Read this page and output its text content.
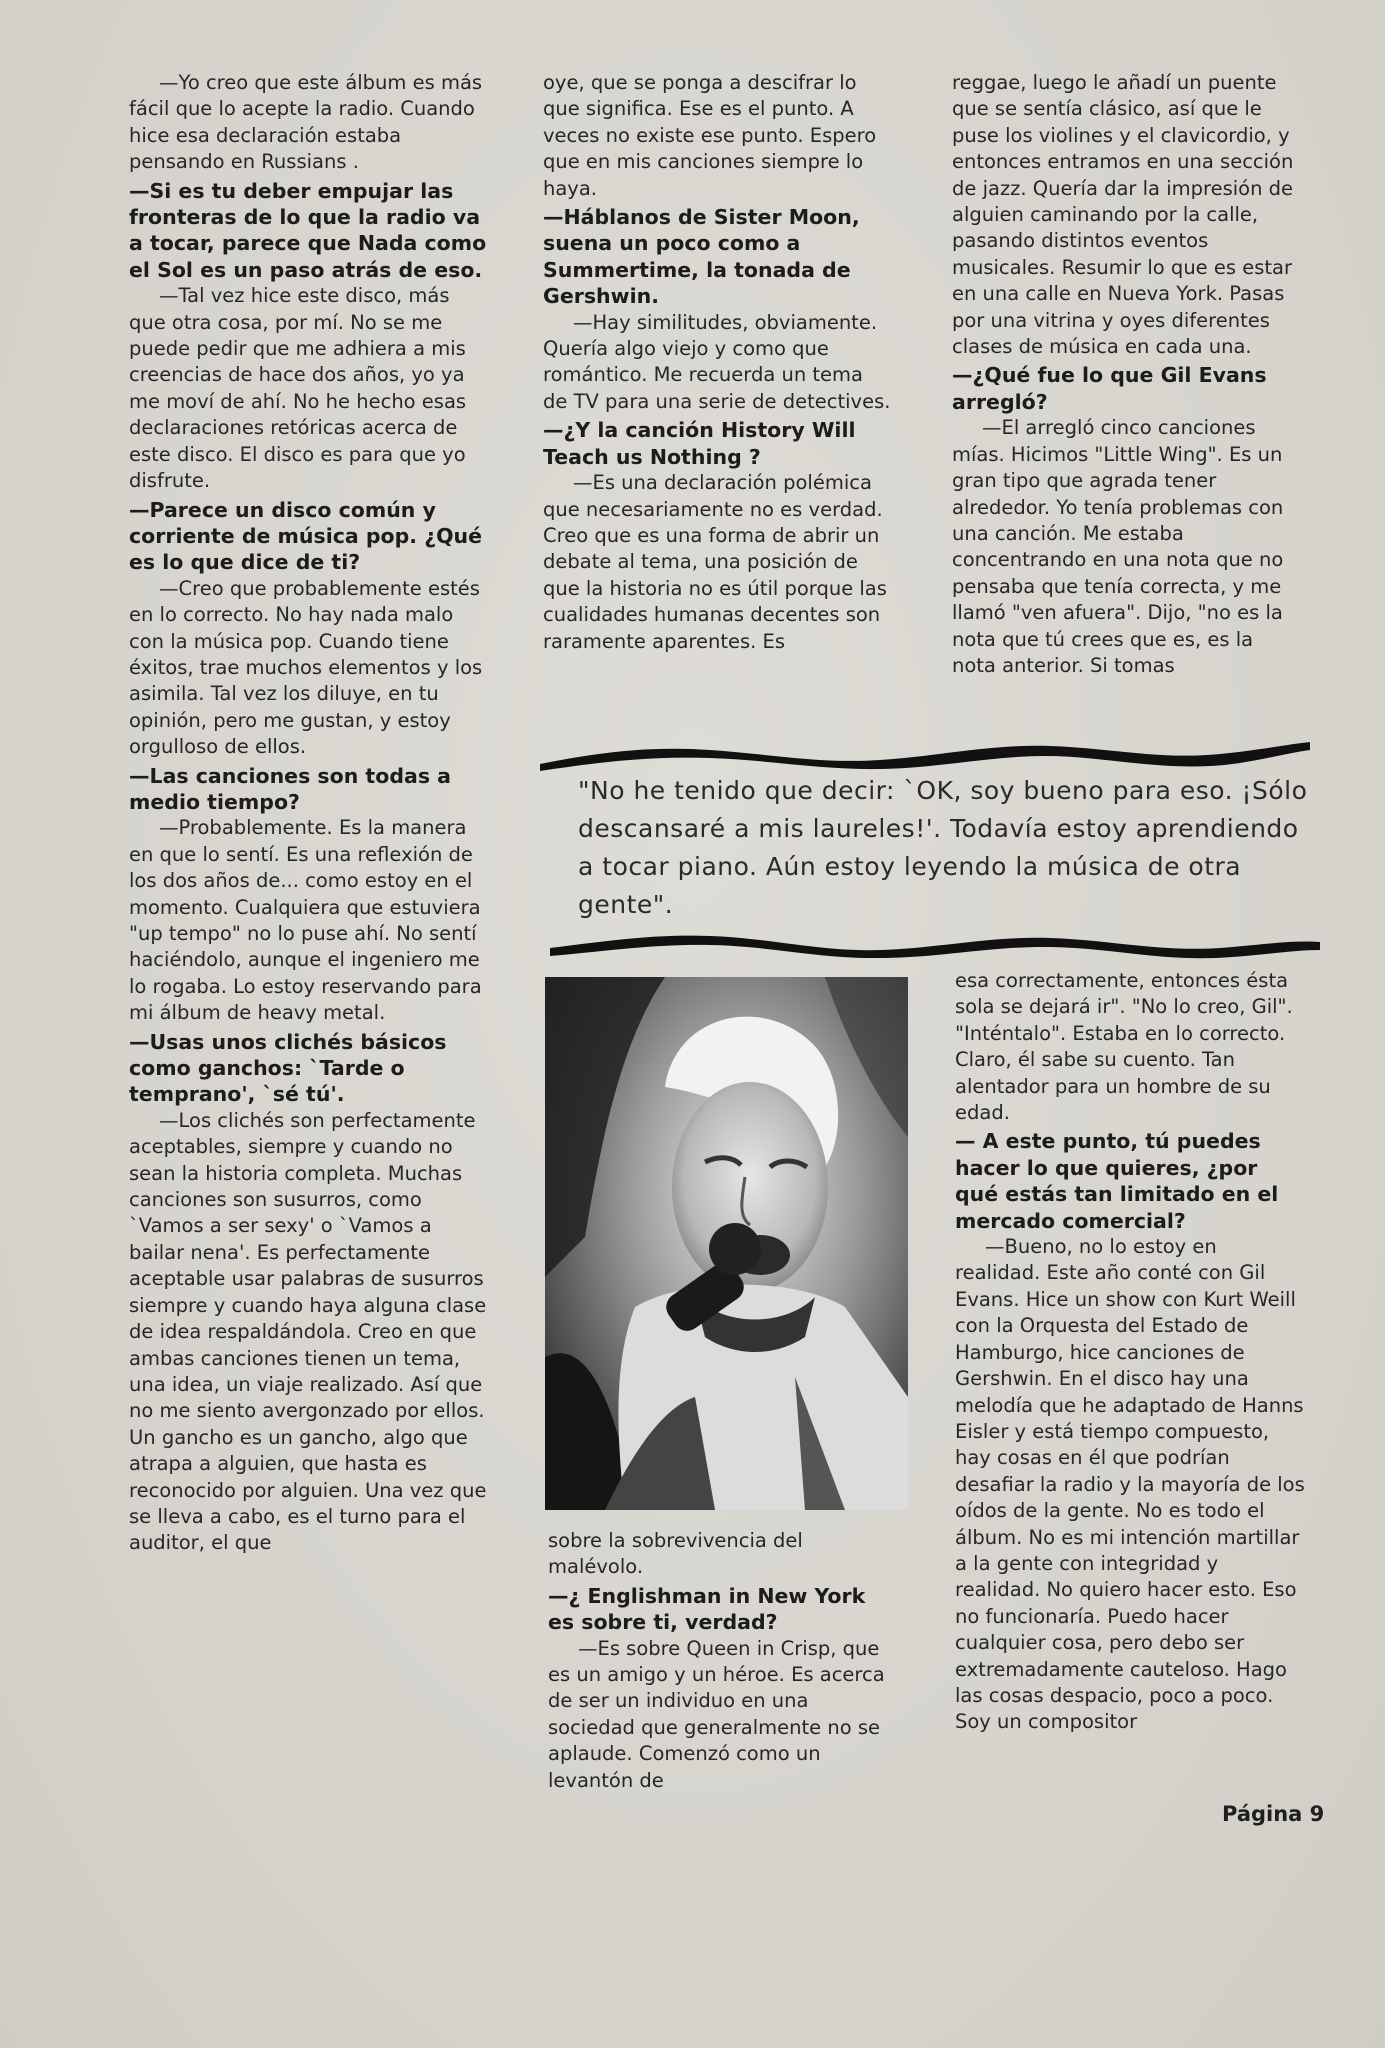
—Yo creo que este álbum es más fácil que lo acepte la radio. Cuando hice esa declaración estaba pensando en Russians .

—Si es tu deber empujar las fronteras de lo que la radio va a tocar, parece que Nada como el Sol es un paso atrás de eso.

—Tal vez hice este disco, más que otra cosa, por mí. No se me puede pedir que me adhiera a mis creencias de hace dos años, yo ya me moví de ahí. No he hecho esas declaraciones retóricas acerca de este disco. El disco es para que yo disfrute.

—Parece un disco común y corriente de música pop. ¿Qué es lo que dice de ti?

—Creo que probablemente estés en lo correcto. No hay nada malo con la música pop. Cuando tiene éxitos, trae muchos elementos y los asimila. Tal vez los diluye, en tu opinión, pero me gustan, y estoy orgulloso de ellos.

—Las canciones son todas a medio tiempo?

—Probablemente. Es la manera en que lo sentí. Es una reflexión de los dos años de... como estoy en el momento. Cualquiera que estuviera "up tempo" no lo puse ahí. No sentí haciéndolo, aunque el ingeniero me lo rogaba. Lo estoy reservando para mi álbum de heavy metal.

—Usas unos clichés básicos como ganchos: `Tarde o temprano', `sé tú'.

—Los clichés son perfectamente aceptables, siempre y cuando no sean la historia completa. Muchas canciones son susurros, como `Vamos a ser sexy' o `Vamos a bailar nena'. Es perfectamente aceptable usar palabras de susurros siempre y cuando haya alguna clase de idea respaldándola. Creo en que ambas canciones tienen un tema, una idea, un viaje realizado. Así que no me siento avergonzado por ellos. Un gancho es un gancho, algo que atrapa a alguien, que hasta es reconocido por alguien. Una vez que se lleva a cabo, es el turno para el auditor, el que

oye, que se ponga a descifrar lo que significa. Ese es el punto. A veces no existe ese punto. Espero que en mis canciones siempre lo haya.

—Háblanos de Sister Moon, suena un poco como a Summertime, la tonada de Gershwin.

—Hay similitudes, obviamente. Quería algo viejo y como que romántico. Me recuerda un tema de TV para una serie de detectives.

—¿Y la canción History Will Teach us Nothing ?

—Es una declaración polémica que necesariamente no es verdad. Creo que es una forma de abrir un debate al tema, una posición de que la historia no es útil porque las cualidades humanas decentes son raramente aparentes. Es

reggae, luego le añadí un puente que se sentía clásico, así que le puse los violines y el clavicordio, y entonces entramos en una sección de jazz. Quería dar la impresión de alguien caminando por la calle, pasando distintos eventos musicales. Resumir lo que es estar en una calle en Nueva York. Pasas por una vitrina y oyes diferentes clases de música en cada una.

—¿Qué fue lo que Gil Evans arregló?

—El arregló cinco canciones mías. Hicimos "Little Wing". Es un gran tipo que agrada tener alrededor. Yo tenía problemas con una canción. Me estaba concentrando en una nota que no pensaba que tenía correcta, y me llamó "ven afuera". Dijo, "no es la nota que tú crees que es, es la nota anterior. Si tomas

"No he tenido que decir: `OK, soy bueno para eso. ¡Sólo descansaré a mis laureles!'. Todavía estoy aprendiendo a tocar piano. Aún estoy leyendo la música de otra gente".

sobre la sobrevivencia del malévolo.

—¿ Englishman in New York es sobre ti, verdad?

—Es sobre Queen in Crisp, que es un amigo y un héroe. Es acerca de ser un individuo en una sociedad que generalmente no se aplaude. Comenzó como un levantón de

esa correctamente, entonces ésta sola se dejará ir". "No lo creo, Gil". "Inténtalo". Estaba en lo correcto. Claro, él sabe su cuento. Tan alentador para un hombre de su edad.

— A este punto, tú puedes hacer lo que quieres, ¿por qué estás tan limitado en el mercado comercial?

—Bueno, no lo estoy en realidad. Este año conté con Gil Evans. Hice un show con Kurt Weill con la Orquesta del Estado de Hamburgo, hice canciones de Gershwin. En el disco hay una melodía que he adaptado de Hanns Eisler y está tiempo compuesto, hay cosas en él que podrían desafiar la radio y la mayoría de los oídos de la gente. No es todo el álbum. No es mi intención martillar a la gente con integridad y realidad. No quiero hacer esto. Eso no funcionaría. Puedo hacer cualquier cosa, pero debo ser extremadamente cauteloso. Hago las cosas despacio, poco a poco. Soy un compositor

Página 9
